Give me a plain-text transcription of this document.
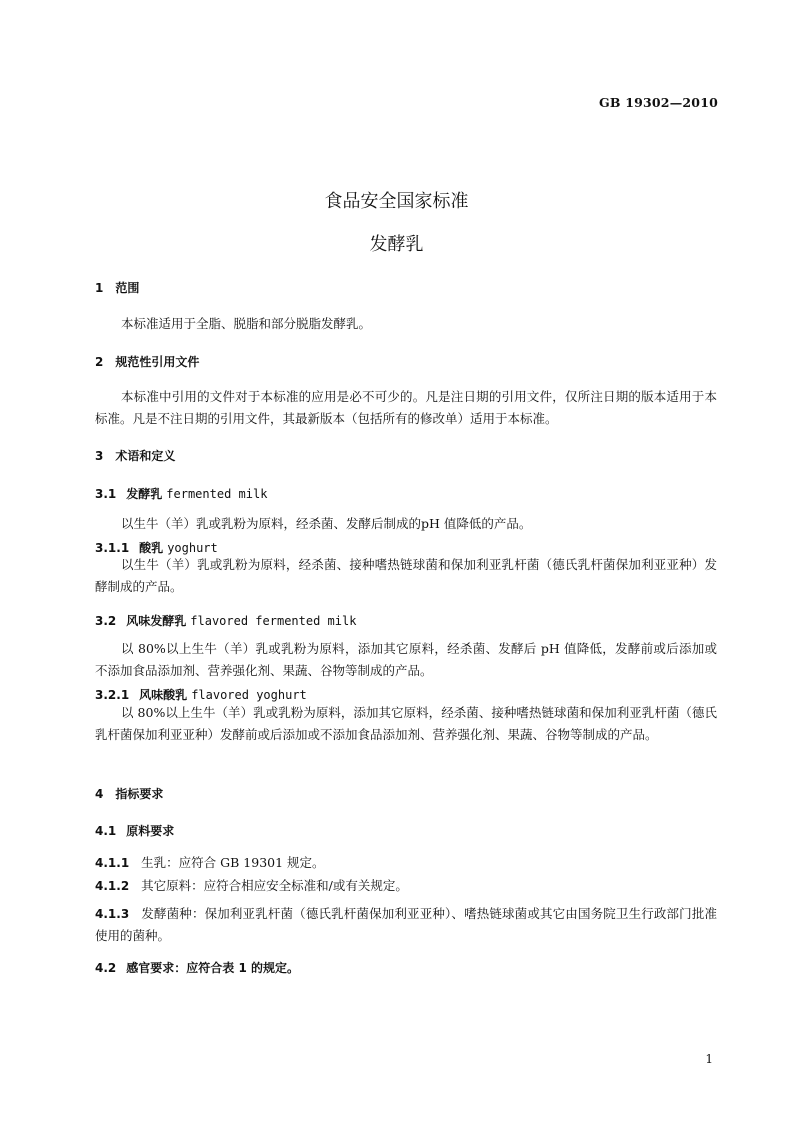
GB 19302—2010
食品安全国家标准
发酵乳
1 范围
本标准适用于全脂、脱脂和部分脱脂发酵乳。
2 规范性引用文件
本标准中引用的文件对于本标准的应用是必不可少的。凡是注日期的引用文件，仅所注日期的版本适用于本标准。凡是不注日期的引用文件，其最新版本（包括所有的修改单）适用于本标准。
3 术语和定义
3.1 发酵乳 fermented milk
以生牛（羊）乳或乳粉为原料，经杀菌、发酵后制成的pH 值降低的产品。
3.1.1 酸乳 yoghurt
以生牛（羊）乳或乳粉为原料，经杀菌、接种嗜热链球菌和保加利亚乳杆菌（德氏乳杆菌保加利亚亚种）发酵制成的产品。
3.2 风味发酵乳 flavored fermented milk
以 80%以上生牛（羊）乳或乳粉为原料，添加其它原料，经杀菌、发酵后 pH 值降低，发酵前或后添加或不添加食品添加剂、营养强化剂、果蔬、谷物等制成的产品。
3.2.1 风味酸乳 flavored yoghurt
以 80%以上生牛（羊）乳或乳粉为原料，添加其它原料，经杀菌、接种嗜热链球菌和保加利亚乳杆菌（德氏乳杆菌保加利亚亚种）发酵前或后添加或不添加食品添加剂、营养强化剂、果蔬、谷物等制成的产品。
4 指标要求
4.1 原料要求
4.1.1 生乳：应符合 GB 19301 规定。
4.1.2 其它原料：应符合相应安全标准和/或有关规定。
4.1.3 发酵菌种：保加利亚乳杆菌（德氏乳杆菌保加利亚亚种）、嗜热链球菌或其它由国务院卫生行政部门批准使用的菌种。
4.2 感官要求：应符合表 1 的规定。
1
